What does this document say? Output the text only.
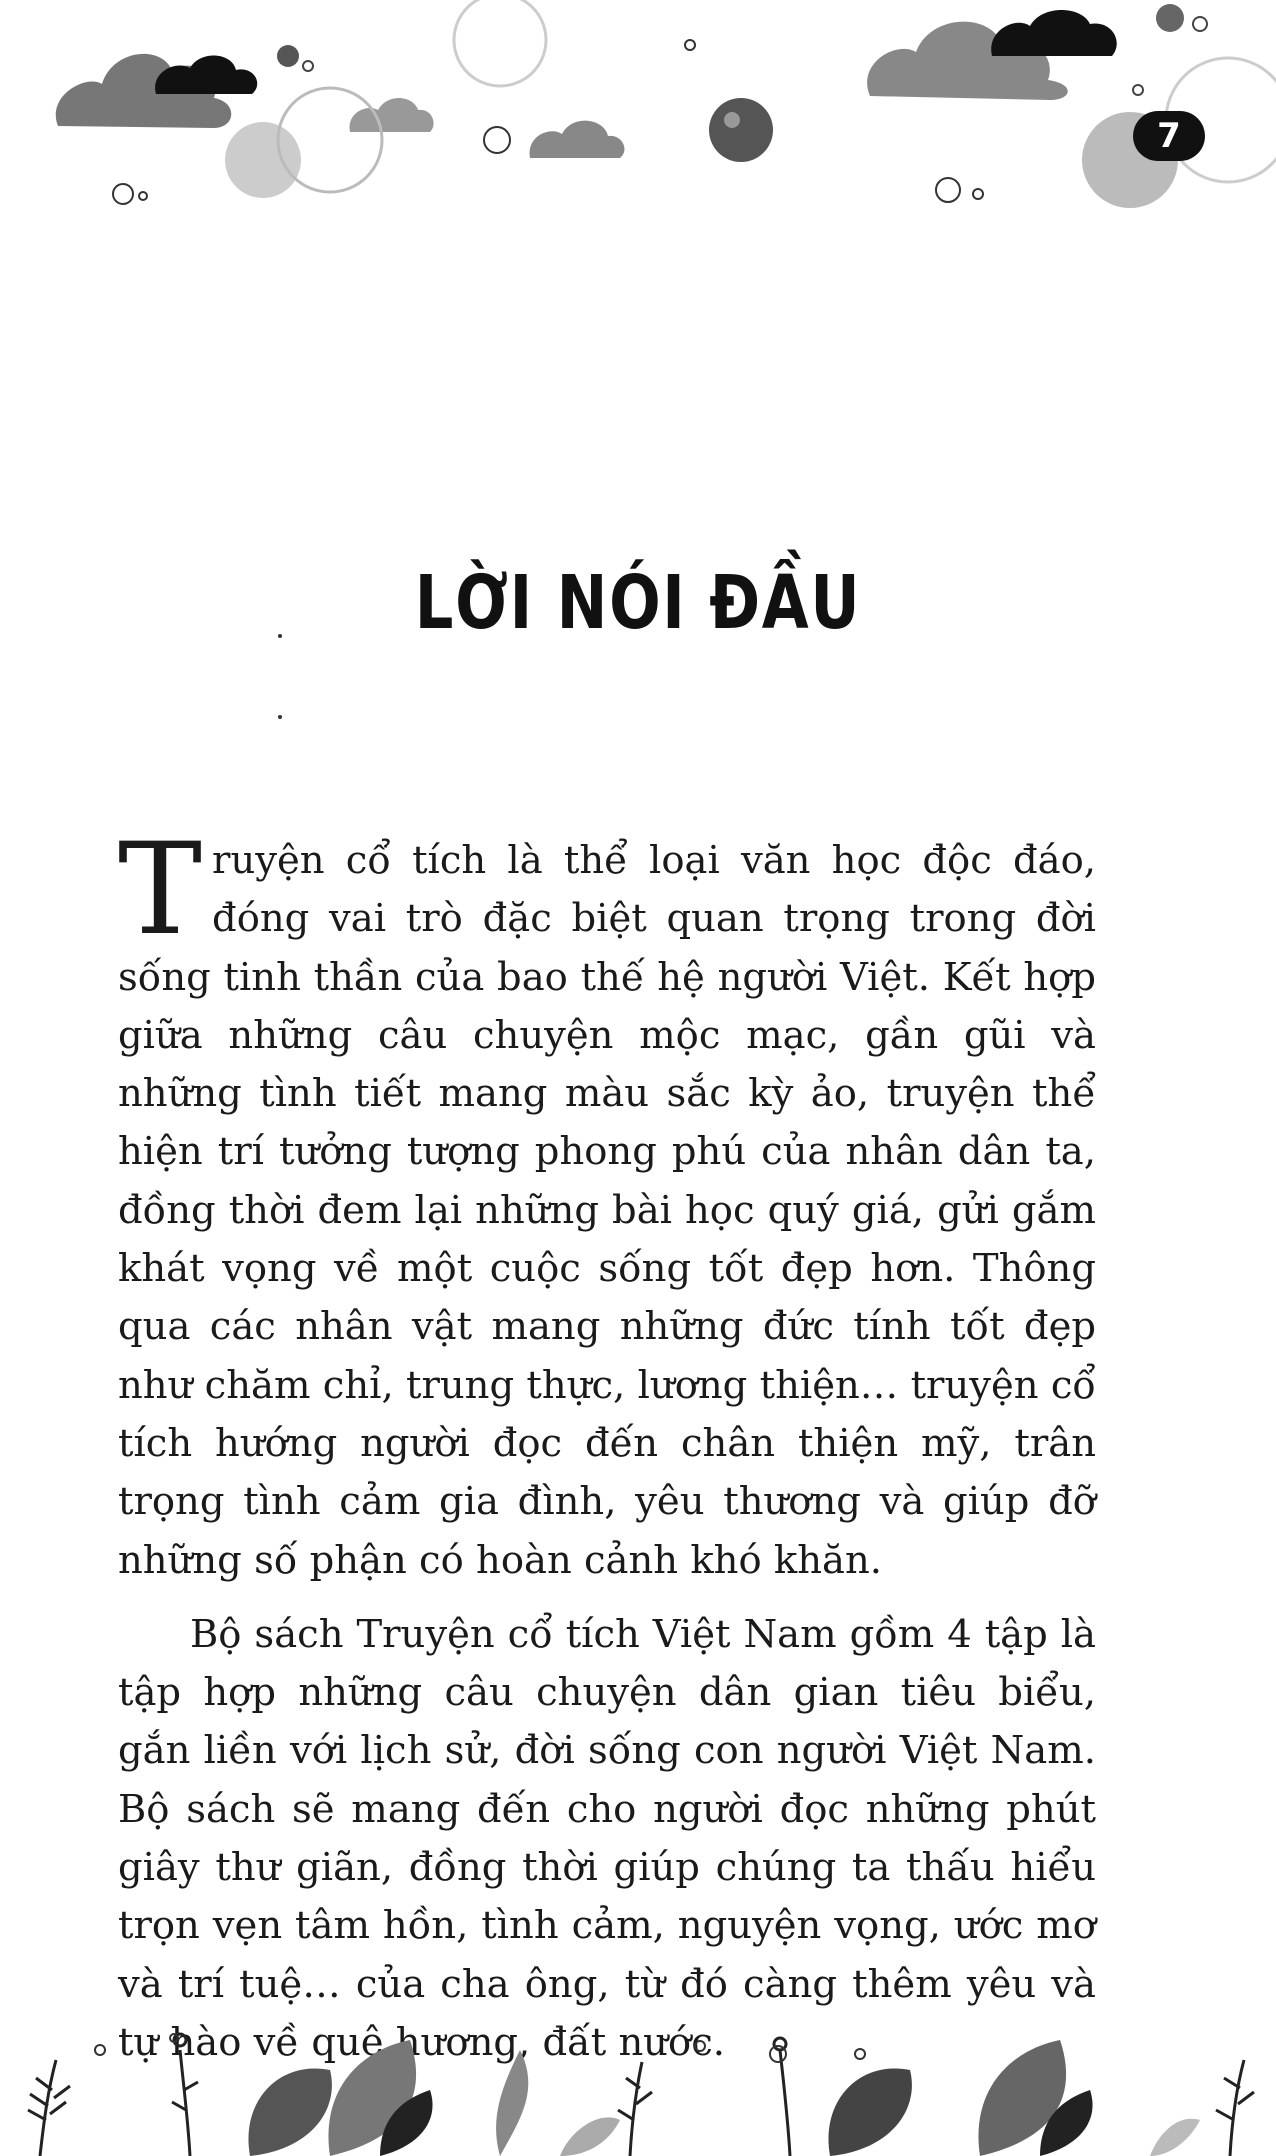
7
LỜI NÓI ĐẦU

Truyện cổ tích là thể loại văn học độc đáo, đóng vai trò đặc biệt quan trọng trong đời sống tinh thần của bao thế hệ người Việt. Kết hợp giữa những câu chuyện mộc mạc, gần gũi và những tình tiết mang màu sắc kỳ ảo, truyện thể hiện trí tưởng tượng phong phú của nhân dân ta, đồng thời đem lại những bài học quý giá, gửi gắm khát vọng về một cuộc sống tốt đẹp hơn. Thông qua các nhân vật mang những đức tính tốt đẹp như chăm chỉ, trung thực, lương thiện… truyện cổ tích hướng người đọc đến chân thiện mỹ, trân trọng tình cảm gia đình, yêu thương và giúp đỡ những số phận có hoàn cảnh khó khăn.

Bộ sách Truyện cổ tích Việt Nam gồm 4 tập là tập hợp những câu chuyện dân gian tiêu biểu, gắn liền với lịch sử, đời sống con người Việt Nam. Bộ sách sẽ mang đến cho người đọc những phút giây thư giãn, đồng thời giúp chúng ta thấu hiểu trọn vẹn tâm hồn, tình cảm, nguyện vọng, ước mơ và trí tuệ… của cha ông, từ đó càng thêm yêu và tự hào về quê hương, đất nước.
